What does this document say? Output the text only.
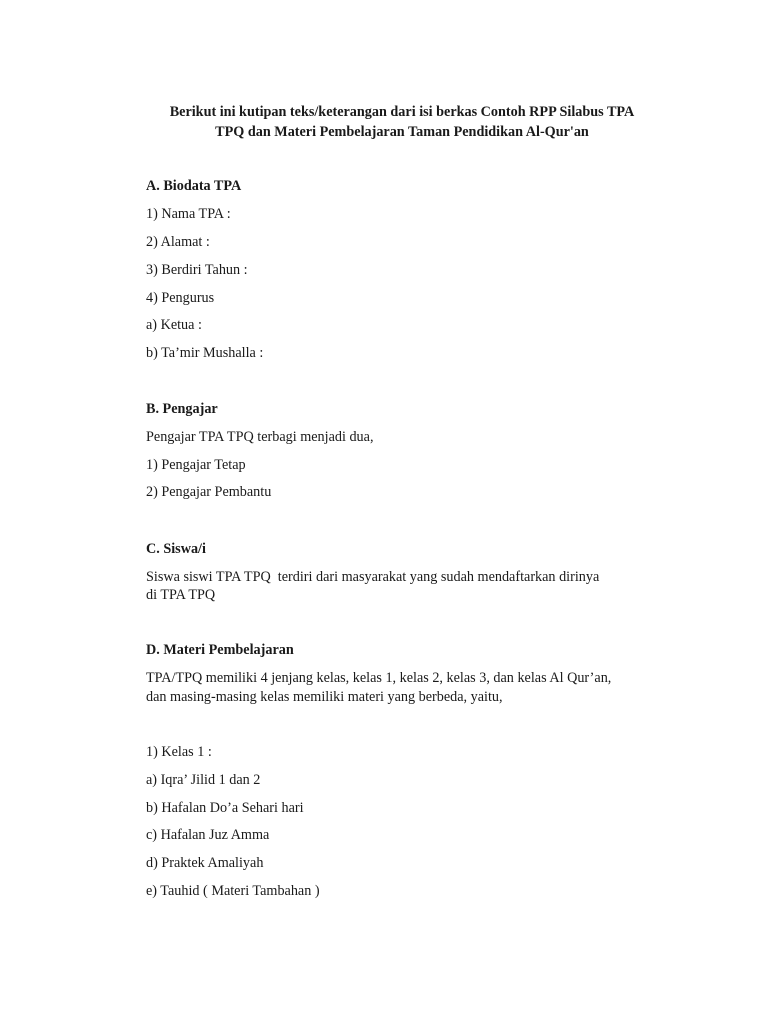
Berikut ini kutipan teks/keterangan dari isi berkas Contoh RPP Silabus TPA
TPQ dan Materi Pembelajaran Taman Pendidikan Al-Qur'an
A. Biodata TPA
1) Nama TPA :
2) Alamat :
3) Berdiri Tahun :
4) Pengurus
a) Ketua :
b) Ta’mir Mushalla :
B. Pengajar
Pengajar TPA TPQ terbagi menjadi dua,
1) Pengajar Tetap
2) Pengajar Pembantu
C. Siswa/i
Siswa siswi TPA TPQ  terdiri dari masyarakat yang sudah mendaftarkan dirinya
di TPA TPQ
D. Materi Pembelajaran
TPA/TPQ memiliki 4 jenjang kelas, kelas 1, kelas 2, kelas 3, dan kelas Al Qur’an,
dan masing-masing kelas memiliki materi yang berbeda, yaitu,
1) Kelas 1 :
a) Iqra’ Jilid 1 dan 2
b) Hafalan Do’a Sehari hari
c) Hafalan Juz Amma
d) Praktek Amaliyah
e) Tauhid ( Materi Tambahan )
